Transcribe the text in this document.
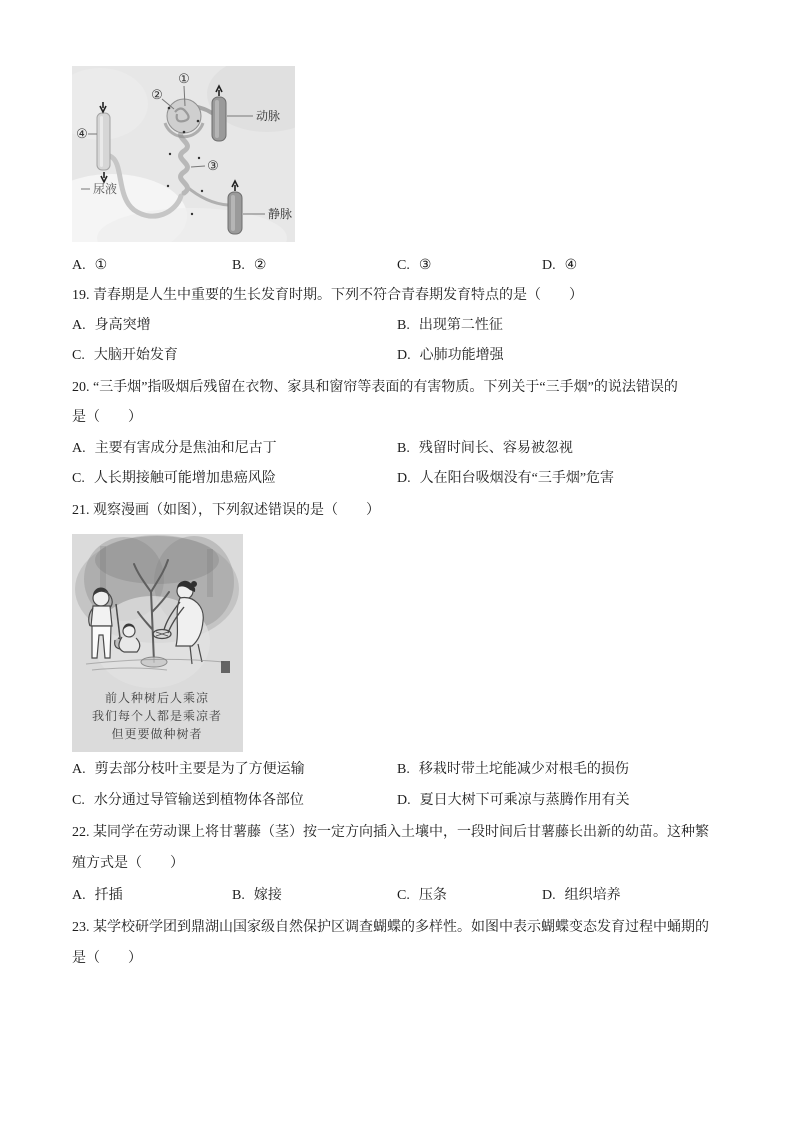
①
②
③
④
动脉
静脉
尿液
A. ①	B. ②	C. ③	D. ④
19. 青春期是人生中重要的生长发育时期。下列不符合青春期发育特点的是（　　）
A. 身高突增	B. 出现第二性征
C. 大脑开始发育	D. 心肺功能增强
20. “三手烟”指吸烟后残留在衣物、家具和窗帘等表面的有害物质。下列关于“三手烟”的说法错误的
是（　　）
A. 主要有害成分是焦油和尼古丁	B. 残留时间长、容易被忽视
C. 人长期接触可能增加患癌风险	D. 人在阳台吸烟没有“三手烟”危害
21. 观察漫画（如图），下列叙述错误的是（　　）
前人种树后人乘凉
我们每个人都是乘凉者
但更要做种树者
A. 剪去部分枝叶主要是为了方便运输	B. 移栽时带土坨能减少对根毛的损伤
C. 水分通过导管输送到植物体各部位	D. 夏日大树下可乘凉与蒸腾作用有关
22. 某同学在劳动课上将甘薯藤（茎）按一定方向插入土壤中，一段时间后甘薯藤长出新的幼苗。这种繁
殖方式是（　　）
A. 扦插	B. 嫁接	C. 压条	D. 组织培养
23. 某学校研学团到鼎湖山国家级自然保护区调查蝴蝶的多样性。如图中表示蝴蝶变态发育过程中蛹期的
是（　　）
